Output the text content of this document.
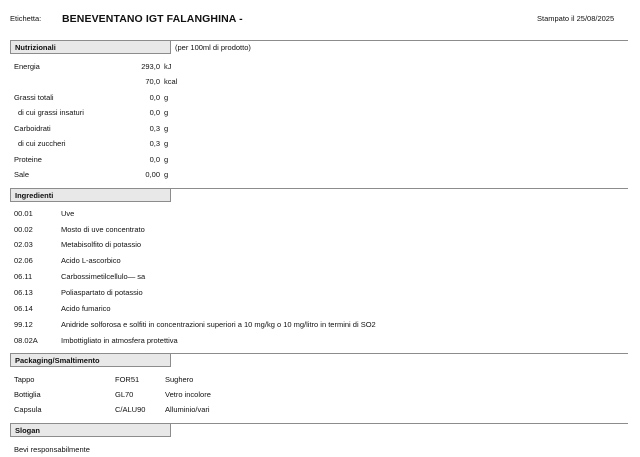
Etichetta: BENEVENTANO IGT FALANGHINA -	Stampato il 25/08/2025
Nutrizionali	(per 100ml di prodotto)
Energia	293,0 kJ
70,0 kcal
Grassi totali	0,0 g
di cui grassi insaturi	0,0 g
Carboidrati	0,3 g
di cui zuccheri	0,3 g
Proteine	0,0 g
Sale	0,00 g
Ingredienti
00.01	Uve
00.02	Mosto di uve concentrato
02.03	Metabisolfito di potassio
02.06	Acido L-ascorbico
06.11	Carbossimetilcellulo— sa
06.13	Poliaspartato di potassio
06.14	Acido fumarico
99.12	Anidride solforosa e solfiti in concentrazioni superiori a 10 mg/kg o 10 mg/litro in termini di SO2
08.02A	Imbottigliato in atmosfera protettiva
Packaging/Smaltimento
Tappo	FOR51	Sughero
Bottiglia	GL70	Vetro incolore
Capsula	C/ALU90	Alluminio/vari
Slogan
Bevi responsabilmente
